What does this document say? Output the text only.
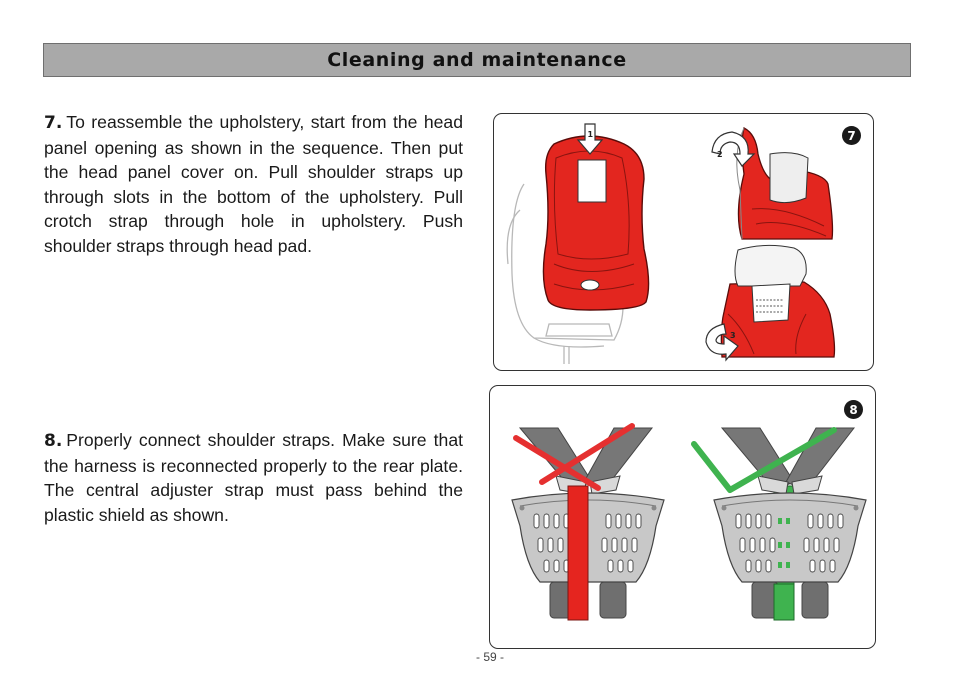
Cleaning and maintenance
7. To reassemble the upholstery, start from the head panel opening as shown in the sequence. Then put the head panel cover on. Pull shoulder straps up through slots in the bottom of the upholstery. Pull crotch strap through hole in upholstery. Push shoulder straps through head pad.
8. Properly connect shoulder straps. Make sure that the harness is reconnected properly to the rear plate. The central adjuster strap must pass behind the plastic shield as shown.
1
2
3
7
8
- 59 -
